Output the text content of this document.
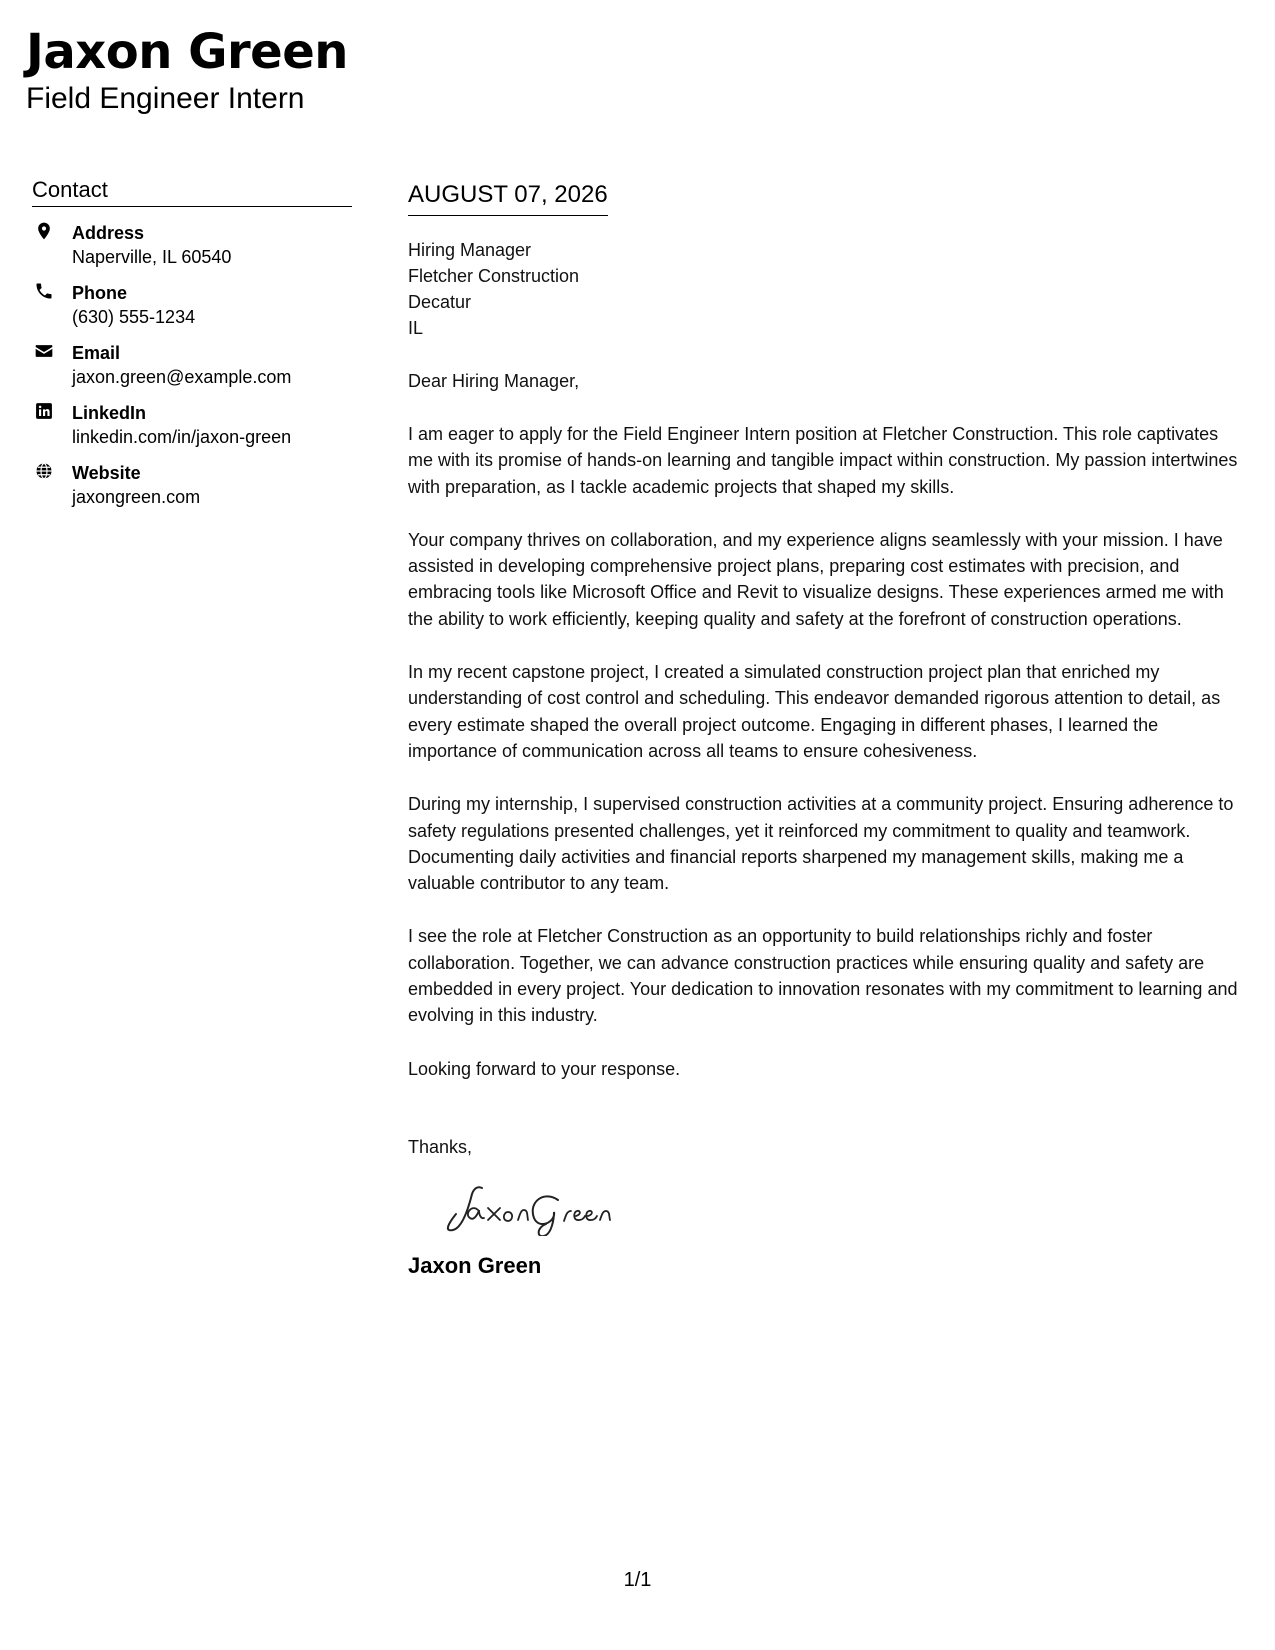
Jaxon Green
Field Engineer Intern
Contact
Address
Naperville, IL 60540
Phone
(630) 555-1234
Email
jaxon.green@example.com
LinkedIn
linkedin.com/in/jaxon-green
Website
jaxongreen.com
AUGUST 07, 2026
Hiring Manager
Fletcher Construction
Decatur
IL
Dear Hiring Manager,
I am eager to apply for the Field Engineer Intern position at Fletcher Construction. This role captivates me with its promise of hands-on learning and tangible impact within construction. My passion intertwines with preparation, as I tackle academic projects that shaped my skills.
Your company thrives on collaboration, and my experience aligns seamlessly with your mission. I have assisted in developing comprehensive project plans, preparing cost estimates with precision, and embracing tools like Microsoft Office and Revit to visualize designs. These experiences armed me with the ability to work efficiently, keeping quality and safety at the forefront of construction operations.
In my recent capstone project, I created a simulated construction project plan that enriched my understanding of cost control and scheduling. This endeavor demanded rigorous attention to detail, as every estimate shaped the overall project outcome. Engaging in different phases, I learned the importance of communication across all teams to ensure cohesiveness.
During my internship, I supervised construction activities at a community project. Ensuring adherence to safety regulations presented challenges, yet it reinforced my commitment to quality and teamwork. Documenting daily activities and financial reports sharpened my management skills, making me a valuable contributor to any team.
I see the role at Fletcher Construction as an opportunity to build relationships richly and foster collaboration. Together, we can advance construction practices while ensuring quality and safety are embedded in every project. Your dedication to innovation resonates with my commitment to learning and evolving in this industry.
Looking forward to your response.
Thanks,
Jaxon Green
1/1
